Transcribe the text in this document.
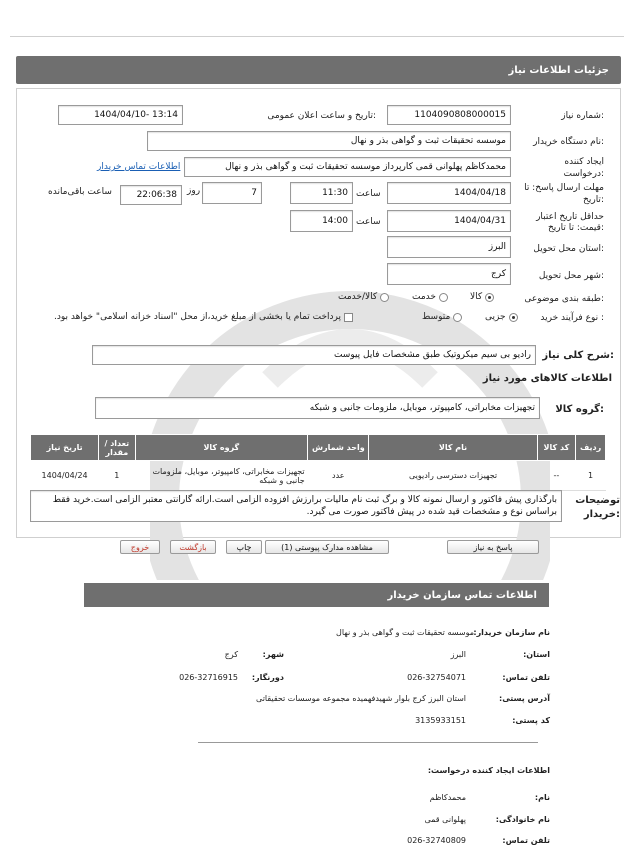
جزئیات اطلاعات نیاز
شماره نیاز:
1104090808000015
تاریخ و ساعت اعلان عمومی:
1404/04/10- 13:14
نام دستگاه خریدار:
موسسه تحقیقات ثبت و گواهی بذر و نهال
ایجاد کننده
درخواست:
محمدکاظم پهلوانی قمی کارپرداز موسسه تحقیقات ثبت و گواهی بذر و نهال
اطلاعات تماس خریدار
مهلت ارسال پاسخ: تا
تاریخ:
1404/04/18
ساعت
11:30
7
روز
22:06:38
ساعت باقی‌مانده
حداقل تاریخ اعتبار
قیمت: تا تاریخ:
1404/04/31
ساعت
14:00
استان محل تحویل:
البرز
شهر محل تحویل:
کرج
طبقه بندی موضوعی:
کالا
خدمت
کالا/خدمت
نوع فرآیند خرید :
جزیی
متوسط
پرداخت تمام یا بخشی از مبلغ خرید،از محل "اسناد خزانه اسلامی" خواهد بود.
شرح کلی نیاز:
رادیو بی سیم میکروتیک طبق مشخصات فایل پیوست
اطلاعات کالاهای مورد نیاز
گروه کالا:
تجهیزات مخابراتی، کامپیوتر، موبایل، ملزومات جانبی و شبکه
ردیف	کد کالا	نام کالا	واحد شمارش	گروه کالا	تعداد / مقدار	تاریخ نیاز
1	--	تجهیزات دسترسی رادیویی	عدد	تجهیزات مخابراتی، کامپیوتر، موبایل، ملزومات جانبی و شبکه	1	1404/04/24
توضیحات
خریدار:
بارگذاری پیش فاکتور و ارسال نمونه کالا و برگ ثبت نام مالیات برارزش افزوده الزامی است.ارائه گارانتی معتبر الزامی است.خرید فقط براساس نوع و مشخصات قید شده در پیش فاکتور صورت می گیرد.
پاسخ به نیاز
مشاهده مدارک پیوستی (1)
چاپ
بازگشت
خروج
اطلاعات تماس سازمان خریدار
نام سازمان خریدار:
موسسه تحقیقات ثبت و گواهی بذر و نهال
استان:
البرز
شهر:
کرج
تلفن تماس:
026-32754071
دورنگار:
026-32716915
آدرس پستی:
استان البرز کرج بلوار شهیدفهمیده مجموعه موسسات تحقیقاتی
کد پستی:
3135933151
اطلاعات ایجاد کننده درخواست:
نام:
محمدکاظم
نام خانوادگی:
پهلوانی قمی
تلفن تماس:
026-32740809
